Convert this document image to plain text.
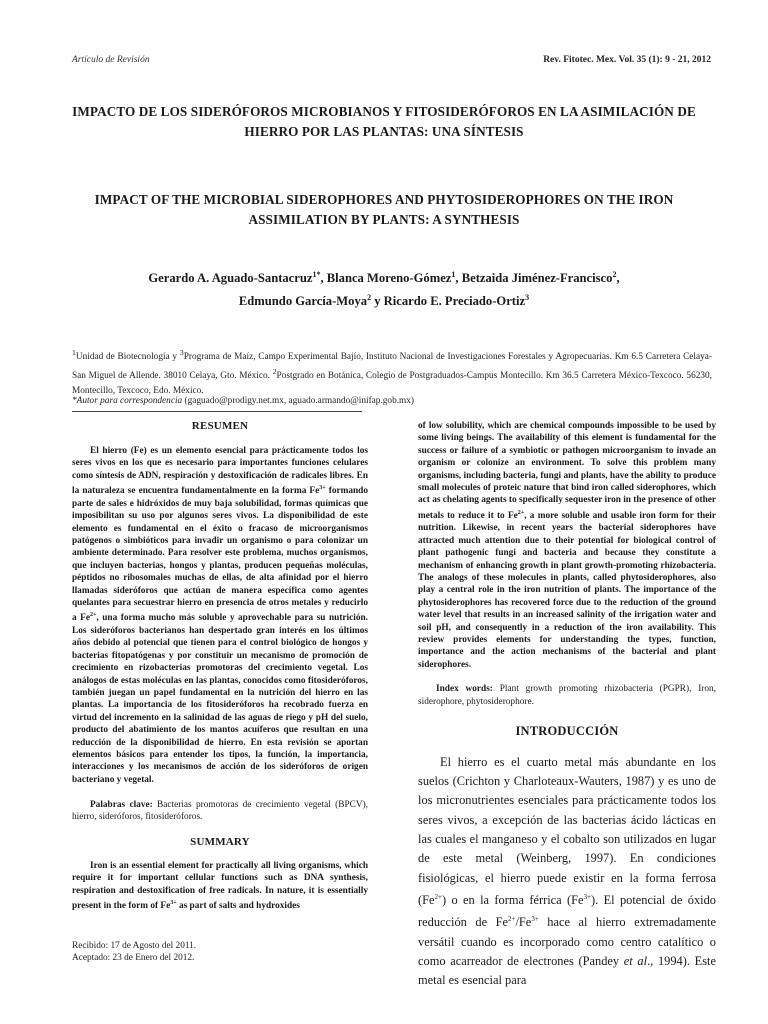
Artículo de Revisión	Rev. Fitotec. Mex. Vol. 35 (1): 9 - 21, 2012
IMPACTO DE LOS SIDERÓFOROS MICROBIANOS Y FITOSIDERÓFOROS EN LA ASIMILACIÓN DE
HIERRO POR LAS PLANTAS: UNA SÍNTESIS
IMPACT OF THE MICROBIAL SIDEROPHORES AND PHYTOSIDEROPHORES ON THE IRON
ASSIMILATION BY PLANTS: A SYNTHESIS
Gerardo A. Aguado-Santacruz$^{1*}$, Blanca Moreno-Gómez$^1$, Betzaida Jiménez-Francisco$^2$,
Edmundo García-Moya$^2$ y Ricardo E. Preciado-Ortiz$^3$
$^1$Unidad de Biotecnología y $^3$Programa de Maíz, Campo Experimental Bajío, Instituto Nacional de Investigaciones Forestales y Agropecuarias. Km 6.5 Carretera Celaya-San Miguel de Allende. 38010 Celaya, Gto. México. $^2$Postgrado en Botánica, Colegio de Postgraduados-Campus Montecillo. Km 36.5 Carretera México-Texcoco. 56230, Montecillo, Texcoco, Edo. México.
*Autor para correspondencia (gaguado@prodigy.net.mx, aguado.armando@inifap.gob.mx)
RESUMEN

El hierro (Fe) es un elemento esencial para prácticamente todos los seres vivos en los que es necesario para importantes funciones celulares como síntesis de ADN, respiración y destoxificación de radicales libres. En la naturaleza se encuentra fundamentalmente en la forma $Fe^{3+}$ formando parte de sales e hidróxidos de muy baja solubilidad, formas químicas que imposibilitan su uso por algunos seres vivos. La disponibilidad de este elemento es fundamental en el éxito o fracaso de microorganismos patógenos o simbióticos para invadir un organismo o para colonizar un ambiente determinado. Para resolver este problema, muchos organismos, que incluyen bacterias, hongos y plantas, producen pequeñas moléculas, péptidos no ribosomales muchas de ellas, de alta afinidad por el hierro llamadas sideróforos que actúan de manera específica como agentes quelantes para secuestrar hierro en presencia de otros metales y reducirlo a $Fe^{2+}$, una forma mucho más soluble y aprovechable para su nutrición. Los sideróforos bacterianos han despertado gran interés en los últimos años debido al potencial que tienen para el control biológico de hongos y bacterias fitopatógenas y por constituir un mecanismo de promoción de crecimiento en rizobacterias promotoras del crecimiento vegetal. Los análogos de estas moléculas en las plantas, conocidos como fitosideróforos, también juegan un papel fundamental en la nutrición del hierro en las plantas. La importancia de los fitosideróforos ha recobrado fuerza en virtud del incremento en la salinidad de las aguas de riego y pH del suelo, producto del abatimiento de los mantos acuíferos que resultan en una reducción de la disponibilidad de hierro. En esta revisión se aportan elementos básicos para entender los tipos, la función, la importancia, interacciones y los mecanismos de acción de los sideróforos de origen bacteriano y vegetal.

Palabras clave: Bacterias promotoras de crecimiento vegetal (BPCV), hierro, sideróforos, fitosideróforos.

SUMMARY

Iron is an essential element for practically all living organisms, which require it for important cellular functions such as DNA synthesis, respiration and destoxification of free radicals. In nature, it is essentially present in the form of $Fe^{3+}$ as part of salts and hydroxides

of low solubility, which are chemical compounds impossible to be used by some living beings. The availability of this element is fundamental for the success or failure of a symbiotic or pathogen microorganism to invade an organism or colonize an environment. To solve this problem many organisms, including bacteria, fungi and plants, have the ability to produce small molecules of proteic nature that bind iron called siderophores, which act as chelating agents to specifically sequester iron in the presence of other metals to reduce it to $Fe^{2+}$, a more soluble and usable iron form for their nutrition. Likewise, in recent years the bacterial siderophores have attracted much attention due to their potential for biological control of plant pathogenic fungi and bacteria and because they constitute a mechanism of enhancing growth in plant growth-promoting rhizobacteria. The analogs of these molecules in plants, called phytosiderophores, also play a central role in the iron nutrition of plants. The importance of the phytosiderophores has recovered force due to the reduction of the ground water level that results in an increased salinity of the irrigation water and soil pH, and consequently in a reduction of the iron availability. This review provides elements for understanding the types, function, importance and the action mechanisms of the bacterial and plant siderophores.

Index words: Plant growth promoting rhizobacteria (PGPR), Iron, siderophore, phytosiderophore.

INTRODUCCIÓN

El hierro es el cuarto metal más abundante en los suelos (Crichton y Charloteaux-Wauters, 1987) y es uno de los micronutrientes esenciales para prácticamente todos los seres vivos, a excepción de las bacterias ácido lácticas en las cuales el manganeso y el cobalto son utilizados en lugar de este metal (Weinberg, 1997). En condiciones fisiológicas, el hierro puede existir en la forma ferrosa $(Fe^{2+})$ o en la forma férrica $(Fe^{3+})$. El potencial de óxido reducción de $Fe^{2+}/Fe^{3+}$ hace al hierro extremadamente versátil cuando es incorporado como centro catalítico o como acarreador de electrones (Pandey et al., 1994). Este metal es esencial para

Recibido: 17 de Agosto del 2011.
Aceptado: 23 de Enero del 2012.
